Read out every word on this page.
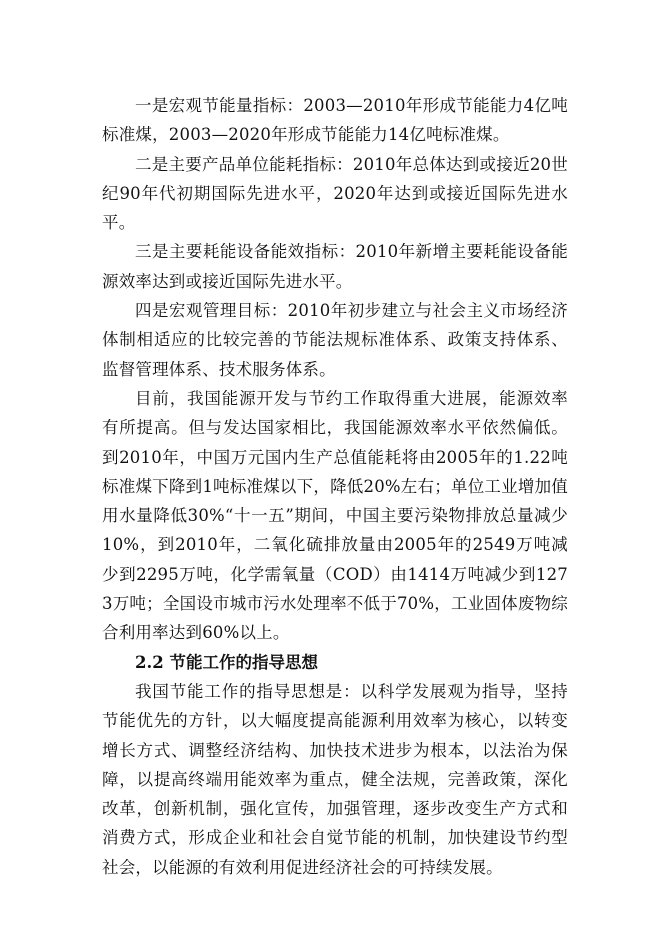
一是宏观节能量指标：2003—2010年形成节能能力4亿吨标准煤，2003—2020年形成节能能力14亿吨标准煤。

二是主要产品单位能耗指标：2010年总体达到或接近20世纪90年代初期国际先进水平，2020年达到或接近国际先进水平。

三是主要耗能设备能效指标：2010年新增主要耗能设备能源效率达到或接近国际先进水平。

四是宏观管理目标：2010年初步建立与社会主义市场经济体制相适应的比较完善的节能法规标准体系、政策支持体系、监督管理体系、技术服务体系。

目前，我国能源开发与节约工作取得重大进展，能源效率有所提高。但与发达国家相比，我国能源效率水平依然偏低。到2010年，中国万元国内生产总值能耗将由2005年的1.22吨标准煤下降到1吨标准煤以下，降低20%左右；单位工业增加值用水量降低30%“十一五”期间，中国主要污染物排放总量减少10%，到2010年，二氧化硫排放量由2005年的2549万吨减少到2295万吨，化学需氧量（COD）由1414万吨减少到1273万吨；全国设市城市污水处理率不低于70%，工业固体废物综合利用率达到60%以上。

2.2 节能工作的指导思想

我国节能工作的指导思想是：以科学发展观为指导，坚持节能优先的方针，以大幅度提高能源利用效率为核心，以转变增长方式、调整经济结构、加快技术进步为根本，以法治为保障，以提高终端用能效率为重点，健全法规，完善政策，深化改革，创新机制，强化宣传，加强管理，逐步改变生产方式和消费方式，形成企业和社会自觉节能的机制，加快建设节约型社会，以能源的有效利用促进经济社会的可持续发展。
